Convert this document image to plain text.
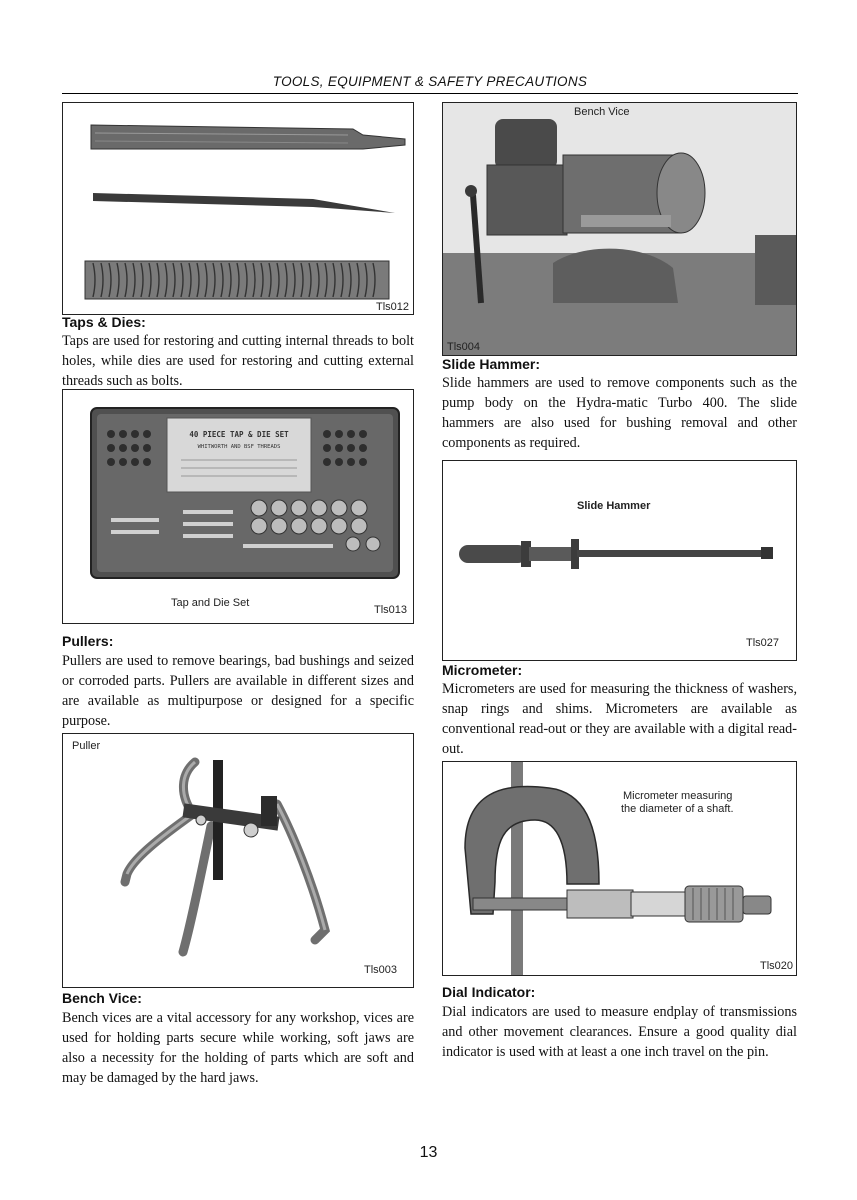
TOOLS, EQUIPMENT & SAFETY PRECAUTIONS
Tls012
Taps & Dies:
Taps are used for restoring and cutting internal threads to bolt holes, while dies are used for restoring and cutting external threads such as bolts.
40 PIECE TAP & DIE SET
WHITWORTH AND BSF THREADS
Tap and Die Set
Tls013
Pullers:
Pullers are used to remove bearings, bad bushings and seized or corroded parts. Pullers are available in different sizes and are available as multipurpose or designed for a specific purpose.
Puller
Tls003
Bench Vice:
Bench vices are a vital accessory for any workshop, vices are used for holding parts secure while working, soft jaws are also a necessity for the holding of parts which are soft and may be damaged by the hard jaws.
Bench Vice
Tls004
Slide Hammer:
Slide hammers are used to remove components such as the pump body on the Hydra-matic Turbo 400. The slide hammers are also used for bushing removal and other components as required.
Slide Hammer
Tls027
Micrometer:
Micrometers are used for measuring the thickness of washers, snap rings and shims. Micrometers are available as conventional read-out or they are available with a digital read-out.
Micrometer measuring
the diameter of a shaft.
Tls020
Dial Indicator:
Dial indicators are used to measure endplay of transmissions and other movement clearances. Ensure a good quality dial indicator is used with at least a one inch travel on the pin.
13
